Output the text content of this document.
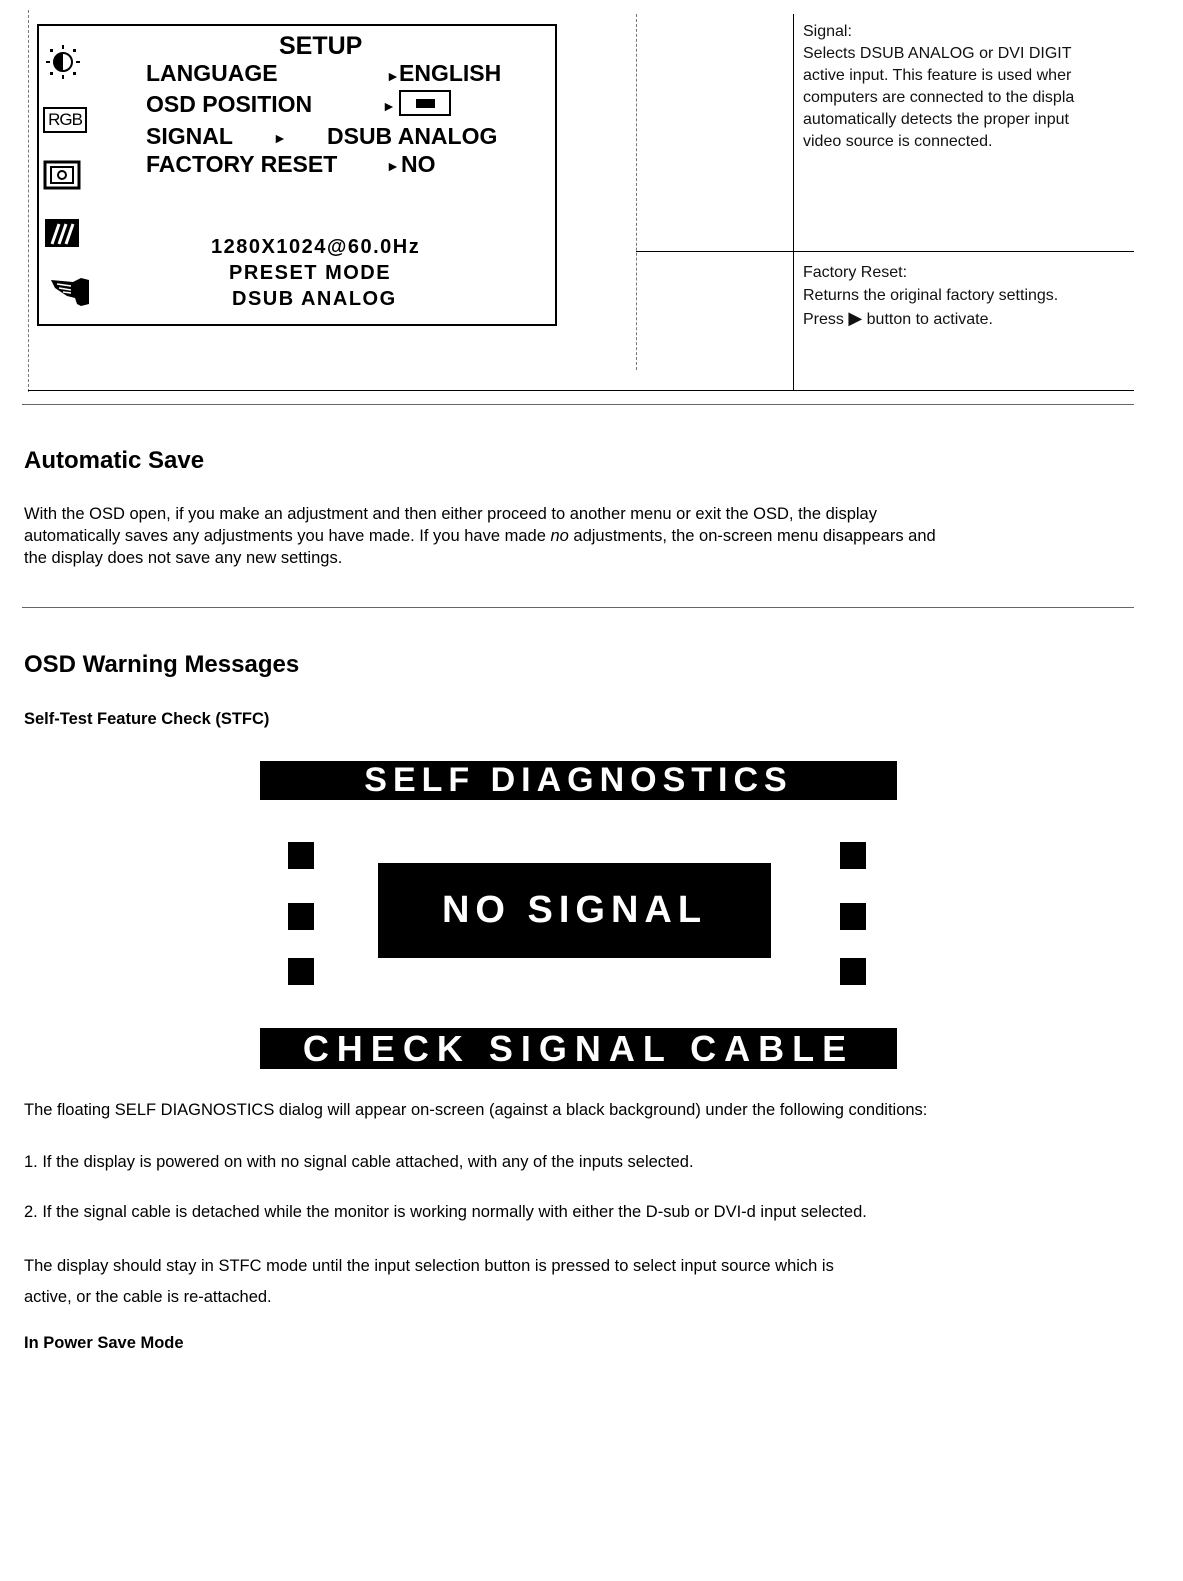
RGB
SETUP
LANGUAGE	► ENGLISH
OSD POSITION	►
SIGNAL	► DSUB ANALOG
FACTORY RESET	► NO
1280X1024@60.0Hz
PRESET MODE
DSUB ANALOG
Signal:
Selects DSUB ANALOG or DVI DIGIT
active input. This feature is used wher
computers are connected to the displa
automatically detects the proper input
video source is connected.
Factory Reset:
Returns the original factory settings.
Press ▶ button to activate.
Automatic Save
With the OSD open, if you make an adjustment and then either proceed to another menu or exit the OSD, the display
automatically saves any adjustments you have made. If you have made no adjustments, the on-screen menu disappears and
the display does not save any new settings.
OSD Warning Messages
Self-Test Feature Check (STFC)
SELF DIAGNOSTICS
NO SIGNAL
CHECK SIGNAL CABLE
The floating SELF DIAGNOSTICS dialog will appear on-screen (against a black background) under the following conditions:
1. If the display is powered on with no signal cable attached, with any of the inputs selected.
2. If the signal cable is detached while the monitor is working normally with either the D-sub or DVI-d input selected.
The display should stay in STFC mode until the input selection button is pressed to select input source which is
active, or the cable is re-attached.
In Power Save Mode
